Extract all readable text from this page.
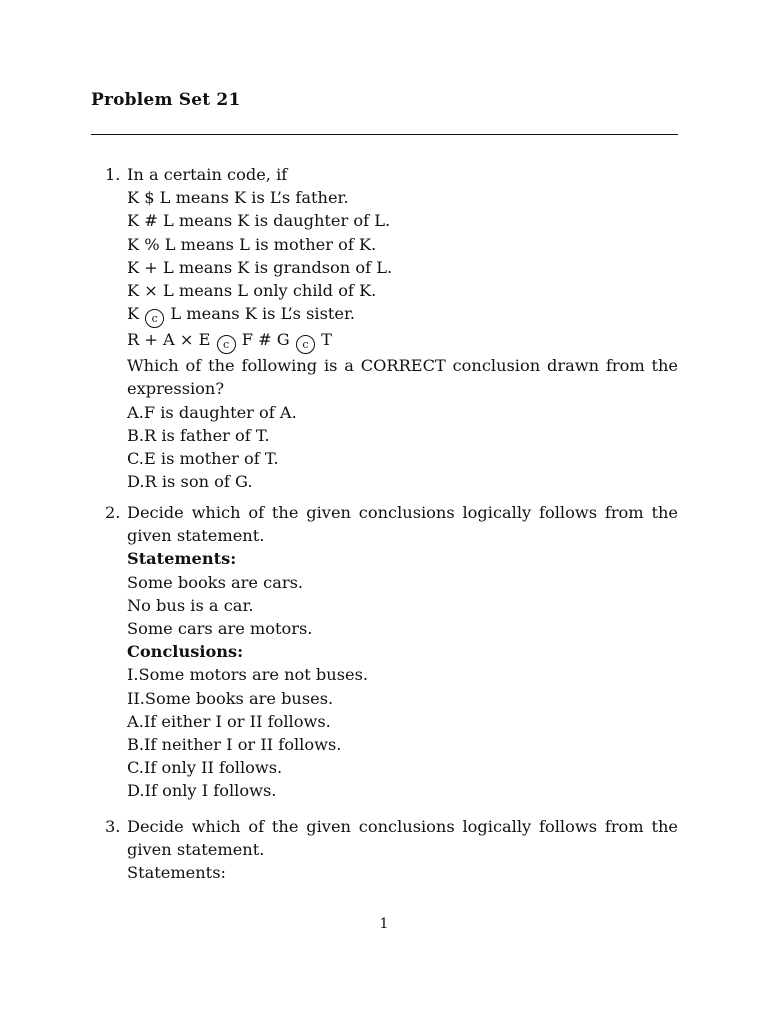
Problem Set 21
1. In a certain code, if
K $ L means K is L’s father.
K # L means K is daughter of L.
K % L means L is mother of K.
K + L means K is grandson of L.
K × L means L only child of K.
K c L means K is L’s sister.
R + A × E c F # G c T
Which of the following is a CORRECT conclusion drawn from the expression?
A.F is daughter of A.
B.R is father of T.
C.E is mother of T.
D.R is son of G.
2. Decide which of the given conclusions logically follows from the given statement.
Statements:
Some books are cars.
No bus is a car.
Some cars are motors.
Conclusions:
I.Some motors are not buses.
II.Some books are buses.
A.If either I or II follows.
B.If neither I or II follows.
C.If only II follows.
D.If only I follows.
3. Decide which of the given conclusions logically follows from the given statement.
Statements:
1
